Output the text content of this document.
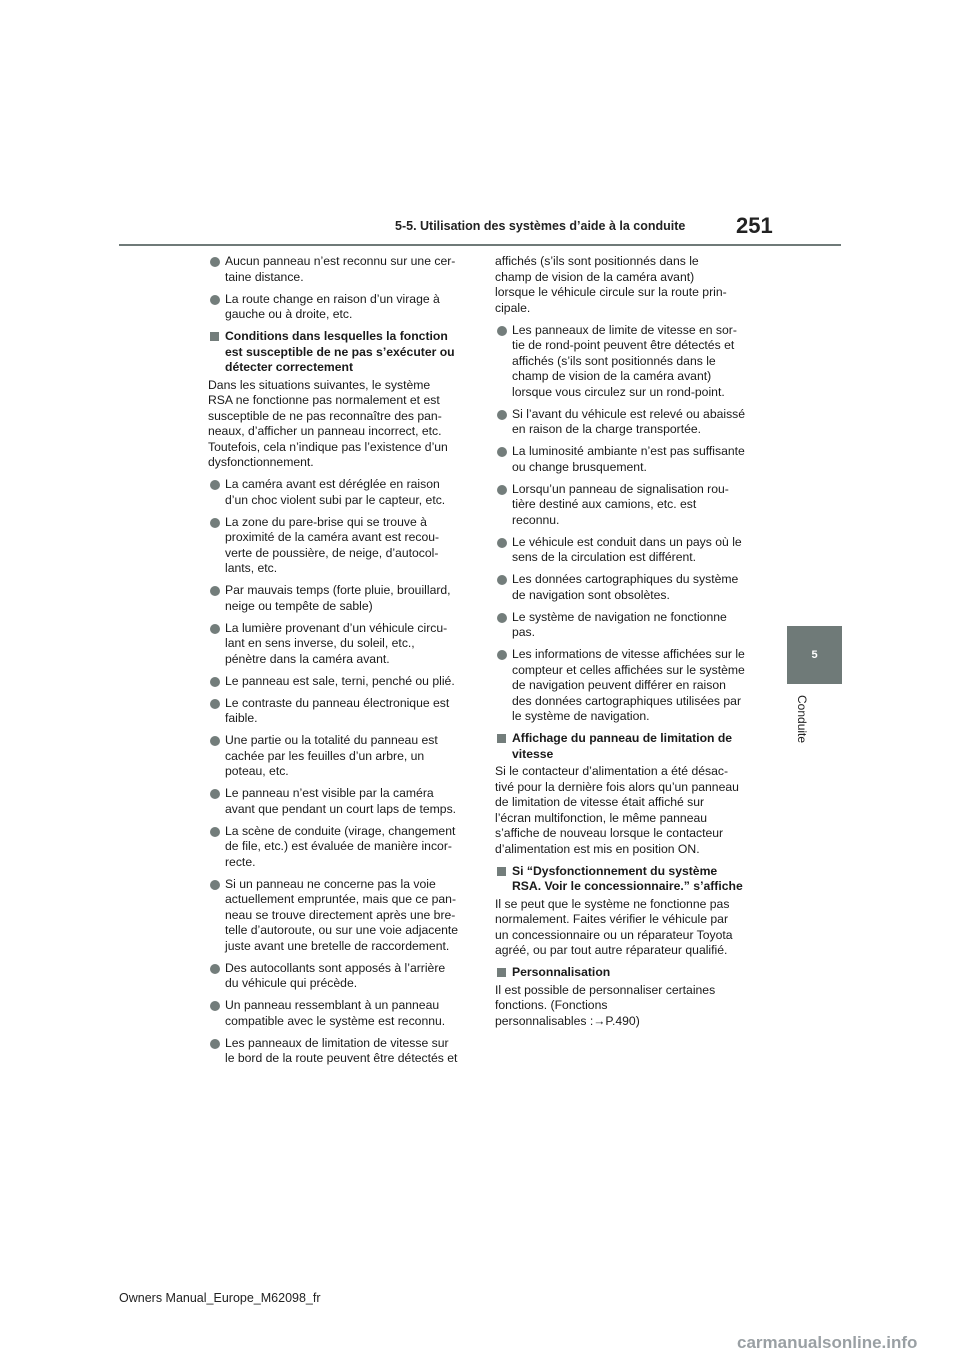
5-5. Utilisation des systèmes d’aide à la conduite 251
5
Conduite
Aucun panneau n’est reconnu sur une cer-
taine distance.
La route change en raison d’un virage à
gauche ou à droite, etc.
Conditions dans lesquelles la fonction
est susceptible de ne pas s’exécuter ou
détecter correctement
Dans les situations suivantes, le système
RSA ne fonctionne pas normalement et est
susceptible de ne pas reconnaître des pan-
neaux, d’afficher un panneau incorrect, etc.
Toutefois, cela n’indique pas l’existence d’un
dysfonctionnement.
La caméra avant est déréglée en raison
d’un choc violent subi par le capteur, etc.
La zone du pare-brise qui se trouve à
proximité de la caméra avant est recou-
verte de poussière, de neige, d’autocol-
lants, etc.
Par mauvais temps (forte pluie, brouillard,
neige ou tempête de sable)
La lumière provenant d’un véhicule circu-
lant en sens inverse, du soleil, etc.,
pénètre dans la caméra avant.
Le panneau est sale, terni, penché ou plié.
Le contraste du panneau électronique est
faible.
Une partie ou la totalité du panneau est
cachée par les feuilles d’un arbre, un
poteau, etc.
Le panneau n’est visible par la caméra
avant que pendant un court laps de temps.
La scène de conduite (virage, changement
de file, etc.) est évaluée de manière incor-
recte.
Si un panneau ne concerne pas la voie
actuellement empruntée, mais que ce pan-
neau se trouve directement après une bre-
telle d’autoroute, ou sur une voie adjacente
juste avant une bretelle de raccordement.
Des autocollants sont apposés à l’arrière
du véhicule qui précède.
Un panneau ressemblant à un panneau
compatible avec le système est reconnu.
Les panneaux de limitation de vitesse sur
le bord de la route peuvent être détectés et
affichés (s’ils sont positionnés dans le
champ de vision de la caméra avant)
lorsque le véhicule circule sur la route prin-
cipale.
Les panneaux de limite de vitesse en sor-
tie de rond-point peuvent être détectés et
affichés (s’ils sont positionnés dans le
champ de vision de la caméra avant)
lorsque vous circulez sur un rond-point.
Si l’avant du véhicule est relevé ou abaissé
en raison de la charge transportée.
La luminosité ambiante n’est pas suffisante
ou change brusquement.
Lorsqu’un panneau de signalisation rou-
tière destiné aux camions, etc. est
reconnu.
Le véhicule est conduit dans un pays où le
sens de la circulation est différent.
Les données cartographiques du système
de navigation sont obsolètes.
Le système de navigation ne fonctionne
pas.
Les informations de vitesse affichées sur le
compteur et celles affichées sur le système
de navigation peuvent différer en raison
des données cartographiques utilisées par
le système de navigation.
Affichage du panneau de limitation de
vitesse
Si le contacteur d’alimentation a été désac-
tivé pour la dernière fois alors qu’un panneau
de limitation de vitesse était affiché sur
l’écran multifonction, le même panneau
s’affiche de nouveau lorsque le contacteur
d’alimentation est mis en position ON.
Si “Dysfonctionnement du système
RSA. Voir le concessionnaire.” s’affiche
Il se peut que le système ne fonctionne pas
normalement. Faites vérifier le véhicule par
un concessionnaire ou un réparateur Toyota
agréé, ou par tout autre réparateur qualifié.
Personnalisation
Il est possible de personnaliser certaines
fonctions. (Fonctions
personnalisables :→P.490)
Owners Manual_Europe_M62098_fr
carmanualsonline.info
